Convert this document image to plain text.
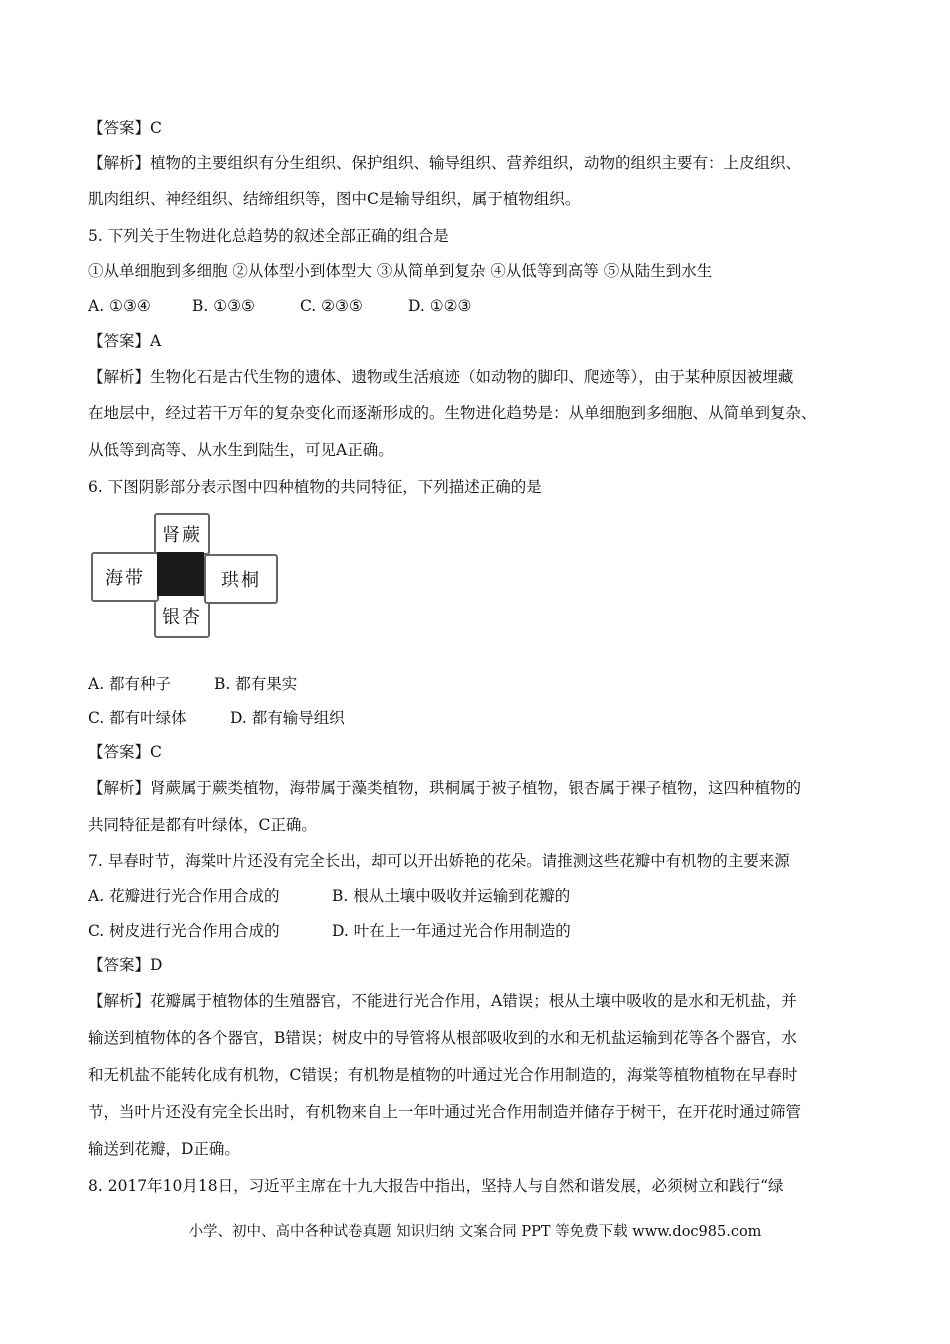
【答案】C
【解析】植物的主要组织有分生组织、保护组织、输导组织、营养组织，动物的组织主要有：上皮组织、
肌肉组织、神经组织、结缔组织等，图中C是输导组织，属于植物组织。
5. 下列关于生物进化总趋势的叙述全部正确的组合是
①从单细胞到多细胞 ②从体型小到体型大 ③从简单到复杂 ④从低等到高等 ⑤从陆生到水生
A. ①③④	B. ①③⑤	C. ②③⑤	D. ①②③
【答案】A
【解析】生物化石是古代生物的遗体、遗物或生活痕迹（如动物的脚印、爬迹等），由于某种原因被埋藏
在地层中，经过若干万年的复杂变化而逐渐形成的。生物进化趋势是：从单细胞到多细胞、从简单到复杂、
从低等到高等、从水生到陆生，可见A正确。
6. 下图阴影部分表示图中四种植物的共同特征，下列描述正确的是
肾蕨
银杏
海带	珙桐
A. 都有种子	B. 都有果实
C. 都有叶绿体	D. 都有输导组织
【答案】C
【解析】肾蕨属于蕨类植物，海带属于藻类植物，珙桐属于被子植物，银杏属于裸子植物，这四种植物的
共同特征是都有叶绿体，C正确。
7. 早春时节，海棠叶片还没有完全长出，却可以开出娇艳的花朵。请推测这些花瓣中有机物的主要来源
A. 花瓣进行光合作用合成的	B. 根从土壤中吸收并运输到花瓣的
C. 树皮进行光合作用合成的	D. 叶在上一年通过光合作用制造的
【答案】D
【解析】花瓣属于植物体的生殖器官，不能进行光合作用，A错误；根从土壤中吸收的是水和无机盐，并
输送到植物体的各个器官，B错误；树皮中的导管将从根部吸收到的水和无机盐运输到花等各个器官，水
和无机盐不能转化成有机物，C错误；有机物是植物的叶通过光合作用制造的，海棠等植物植物在早春时
节，当叶片还没有完全长出时，有机物来自上一年叶通过光合作用制造并储存于树干，在开花时通过筛管
输送到花瓣，D正确。
8. 2017年10月18日，习近平主席在十九大报告中指出，坚持人与自然和谐发展，必须树立和践行“绿
小学、初中、高中各种试卷真题 知识归纳 文案合同 PPT 等免费下载 www.doc985.com
